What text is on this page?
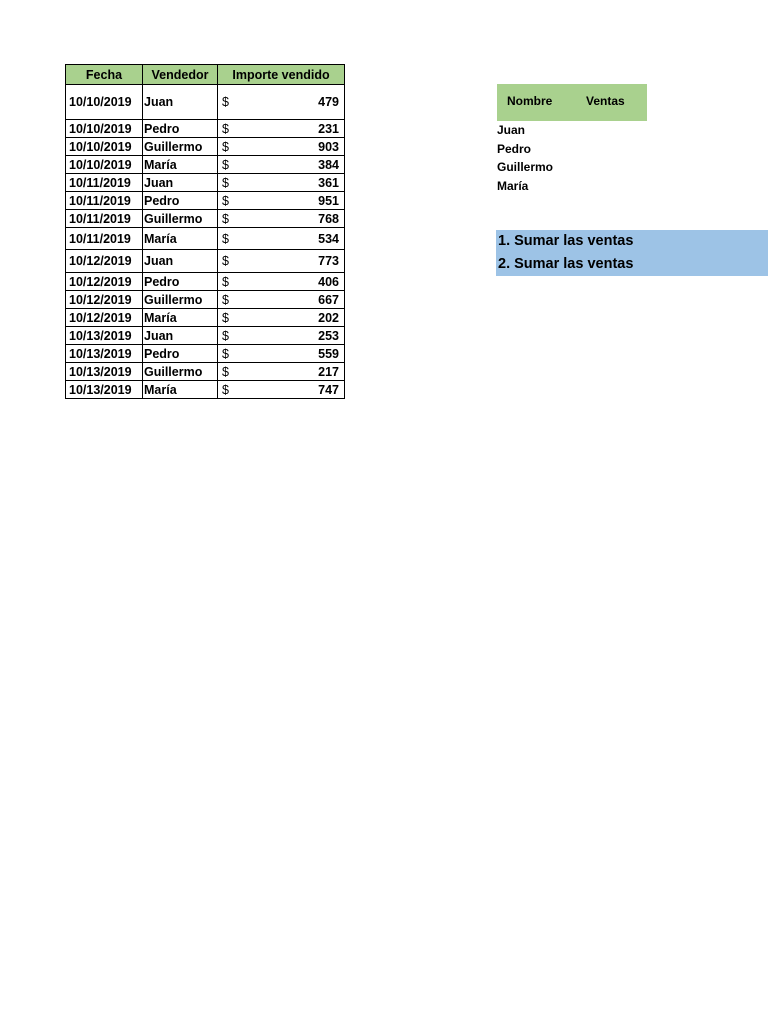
Fecha	Vendedor	Importe vendido
10/10/2019	Juan	$ 479

10/10/2019	Pedro	$ 231

10/10/2019	Guillermo	$ 903

10/10/2019	María	$ 384

10/11/2019	Juan	$ 361

10/11/2019	Pedro	$ 951

10/11/2019	Guillermo	$ 768

10/11/2019	María	$ 534

10/12/2019	Juan	$ 773

10/12/2019	Pedro	$ 406

10/12/2019	Guillermo	$ 667

10/12/2019	María	$ 202

10/13/2019	Juan	$ 253

10/13/2019	Pedro	$ 559

10/13/2019	Guillermo	$ 217

10/13/2019	María	$ 747
Nombre	Ventas
Juan
Pedro
Guillermo
María
1. Sumar las ventas
2. Sumar las ventas
